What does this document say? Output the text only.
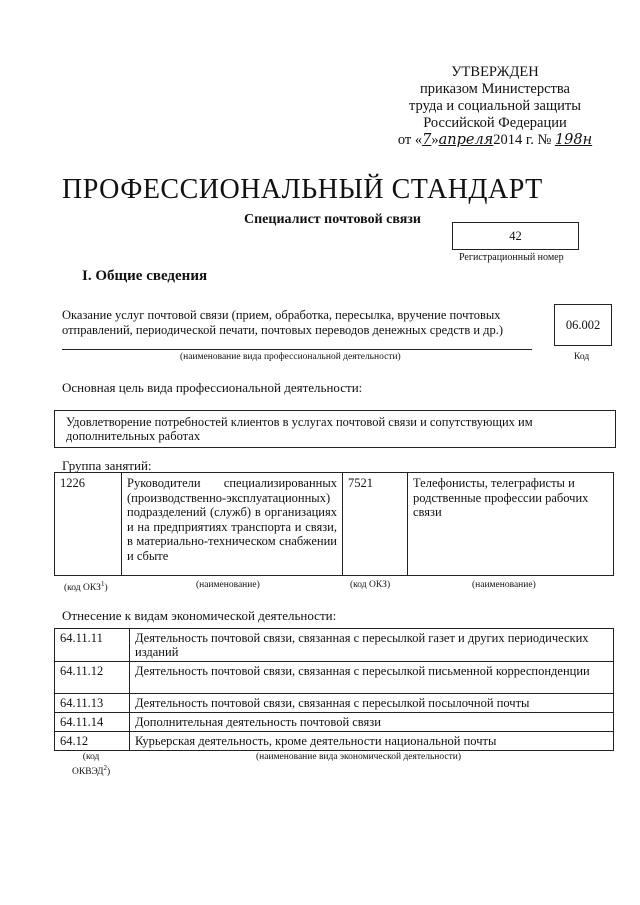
УТВЕРЖДЕН
приказом Министерства
труда и социальной защиты
Российской Федерации
от «7»апреля2014 г. № 198н
ПРОФЕССИОНАЛЬНЫЙ СТАНДАРТ
Специалист почтовой связи
42
Регистрационный номер
I. Общие сведения
Оказание услуг почтовой связи (прием, обработка, пересылка, вручение почтовых отправлений, периодической печати, почтовых переводов денежных средств и др.)
(наименование вида профессиональной деятельности)
06.002
Код
Основная цель вида профессиональной деятельности:
Удовлетворение потребностей клиентов в услугах почтовой связи и сопутствующих им дополнительных работах
Группа занятий:
1226	Руководители специализированных (производственно-эксплуатационных) подразделений (служб) в организациях и на предприятиях транспорта и связи, в материально-техническом снабжении и сбыте	7521	Телефонисты, телеграфисты и родственные профессии рабочих связи
(код ОКЗ$^1$)	(наименование)	(код ОКЗ)	(наименование)
Отнесение к видам экономической деятельности:
64.11.11	Деятельность почтовой связи, связанная с пересылкой газет и других периодических изданий
64.11.12	Деятельность почтовой связи, связанная с пересылкой письменной корреспонденции
64.11.13	Деятельность почтовой связи, связанная с пересылкой посылочной почты
64.11.14	Дополнительная деятельность почтовой связи
64.12	Курьерская деятельность, кроме деятельности национальной почты
(код
ОКВЭД$^2$)
(наименование вида экономической деятельности)
